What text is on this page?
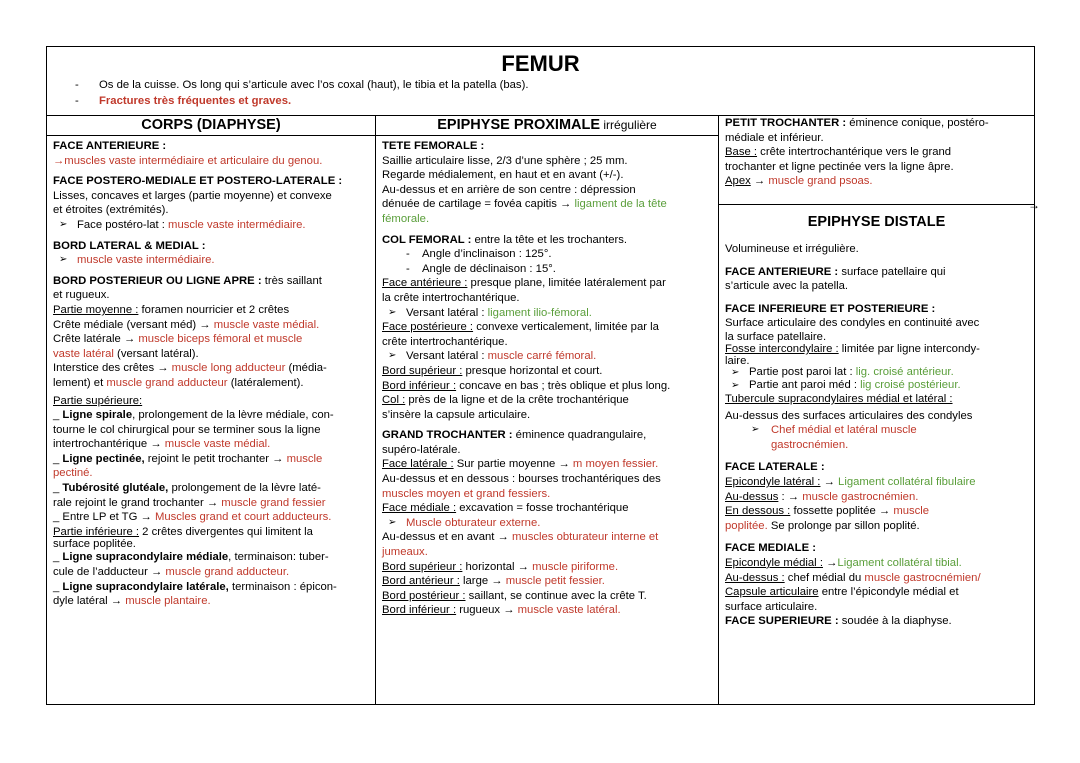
FEMUR
- Os de la cuisse. Os long qui s’articule avec l’os coxal (haut), le tibia et la patella (bas).
- Fractures très fréquentes et graves.
CORPS (DIAPHYSE)
FACE ANTERIEURE :
→muscles vaste intermédiaire et articulaire du genou.
FACE POSTERO-MEDIALE ET POSTERO-LATERALE :
Lisses, concaves et larges (partie moyenne) et convexe
et étroites (extrémités).
➢ Face postéro-lat : muscle vaste intermédiaire.
BORD LATERAL & MEDIAL :
➢ muscle vaste intermédiaire.
BORD POSTERIEUR OU LIGNE APRE : très saillant
et rugueux.
Partie moyenne : foramen nourricier et 2 crêtes
Crête médiale (versant méd) → muscle vaste médial.
Crête latérale → muscle biceps fémoral et muscle
vaste latéral (versant latéral).
Interstice des crêtes → muscle long adducteur (média-
lement) et muscle grand adducteur (latéralement).
Partie supérieure:
_ Ligne spirale, prolongement de la lèvre médiale, con-
tourne le col chirurgical pour se terminer sous la ligne
intertrochantérique → muscle vaste médial.
_ Ligne pectinée, rejoint le petit trochanter → muscle
pectiné.
_ Tubérosité glutéale, prolongement de la lèvre laté-
rale rejoint le grand trochanter → muscle grand fessier
_ Entre LP et TG → Muscles grand et court adducteurs.
Partie inférieure : 2 crêtes divergentes qui limitent la
surface poplitée.
_ Ligne supracondylaire médiale, terminaison: tuber-
cule de l’adducteur → muscle grand adducteur.
_ Ligne supracondylaire latérale, terminaison : épicon-
dyle latéral → muscle plantaire.
EPIPHYSE PROXIMALE irrégulière
TETE FEMORALE :
Saillie articulaire lisse, 2/3 d’une sphère ; 25 mm.
Regarde médialement, en haut et en avant (+/-).
Au-dessus et en arrière de son centre : dépression
dénuée de cartilage = fovéa capitis → ligament de la tête
fémorale.
COL FEMORAL : entre la tête et les trochanters.
- Angle d’inclinaison : 125°.
- Angle de déclinaison : 15°.
Face antérieure : presque plane, limitée latéralement par
la crête intertrochantérique.
➢ Versant latéral : ligament ilio-fémoral.
Face postérieure : convexe verticalement, limitée par la
crête intertrochantérique.
➢ Versant latéral : muscle carré fémoral.
Bord supérieur : presque horizontal et court.
Bord inférieur : concave en bas ; très oblique et plus long.
Col : près de la ligne et de la crête trochantérique
s’insère la capsule articulaire.
GRAND TROCHANTER : éminence quadrangulaire,
supéro-latérale.
Face latérale : Sur partie moyenne → m moyen fessier.
Au-dessus et en dessous : bourses trochantériques des
muscles moyen et grand fessiers.
Face médiale : excavation = fosse trochantérique
➢ Muscle obturateur externe.
Au-dessus et en avant → muscles obturateur interne et
jumeaux.
Bord supérieur : horizontal → muscle piriforme.
Bord antérieur : large → muscle petit fessier.
Bord postérieur : saillant, se continue avec la crête T.
Bord inférieur : rugueux → muscle vaste latéral.
PETIT TROCHANTER : éminence conique, postéro-
médiale et inférieur.
Base : crête intertrochantérique vers le grand
trochanter et ligne pectinée vers la ligne âpre.
Apex → muscle grand psoas.
→
EPIPHYSE DISTALE
Volumineuse et irrégulière.
FACE ANTERIEURE : surface patellaire qui
s’articule avec la patella.
FACE INFERIEURE ET POSTERIEURE :
Surface articulaire des condyles en continuité avec
la surface patellaire.
Fosse intercondylaire : limitée par ligne intercondy-
laire.
➢ Partie post paroi lat : lig. croisé antérieur.
➢ Partie ant paroi méd : lig croisé postérieur.
Tubercule supracondylaires médial et latéral :
Au-dessus des surfaces articulaires des condyles
➢ Chef médial et latéral muscle
gastrocnémien.
FACE LATERALE :
Epicondyle latéral : → Ligament collatéral fibulaire
Au-dessus : → muscle gastrocnémien.
En dessous : fossette poplitée → muscle
poplitée. Se prolonge par sillon poplité.
FACE MEDIALE :
Epicondyle médial : →Ligament collatéral tibial.
Au-dessus : chef médial du muscle gastrocnémien/
Capsule articulaire entre l’épicondyle médial et
surface articulaire.
FACE SUPERIEURE : soudée à la diaphyse.
